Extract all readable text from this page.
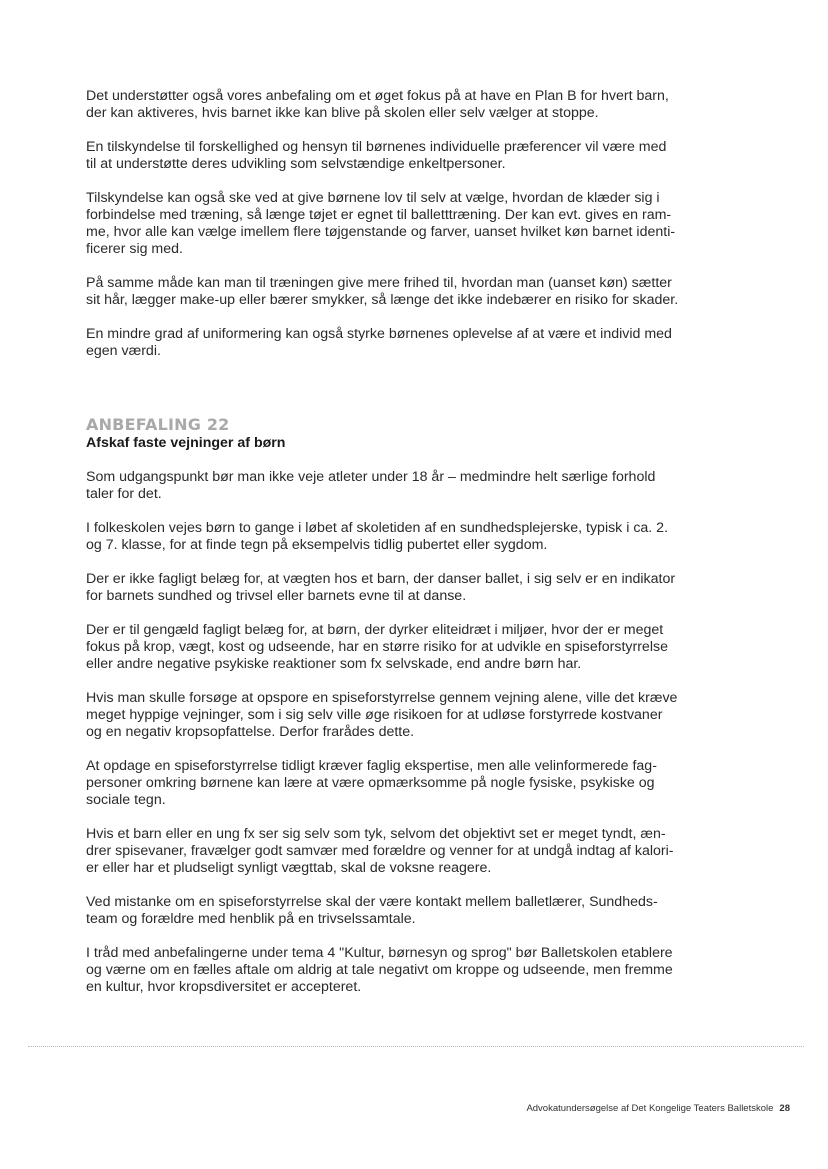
Det understøtter også vores anbefaling om et øget fokus på at have en Plan B for hvert barn,
der kan aktiveres, hvis barnet ikke kan blive på skolen eller selv vælger at stoppe.

En tilskyndelse til forskellighed og hensyn til børnenes individuelle præferencer vil være med
til at understøtte deres udvikling som selvstændige enkeltpersoner.

Tilskyndelse kan også ske ved at give børnene lov til selv at vælge, hvordan de klæder sig i
forbindelse med træning, så længe tøjet er egnet til balletttræning. Der kan evt. gives en ram-
me, hvor alle kan vælge imellem flere tøjgenstande og farver, uanset hvilket køn barnet identi-
ficerer sig med.

På samme måde kan man til træningen give mere frihed til, hvordan man (uanset køn) sætter
sit hår, lægger make-up eller bærer smykker, så længe det ikke indebærer en risiko for skader.

En mindre grad af uniformering kan også styrke børnenes oplevelse af at være et individ med
egen værdi.

ANBEFALING 22
Afskaf faste vejninger af børn

Som udgangspunkt bør man ikke veje atleter under 18 år – medmindre helt særlige forhold
taler for det.

I folkeskolen vejes børn to gange i løbet af skoletiden af en sundhedsplejerske, typisk i ca. 2.
og 7. klasse, for at finde tegn på eksempelvis tidlig pubertet eller sygdom.

Der er ikke fagligt belæg for, at vægten hos et barn, der danser ballet, i sig selv er en indikator
for barnets sundhed og trivsel eller barnets evne til at danse.

Der er til gengæld fagligt belæg for, at børn, der dyrker eliteidræt i miljøer, hvor der er meget
fokus på krop, vægt, kost og udseende, har en større risiko for at udvikle en spiseforstyrrelse
eller andre negative psykiske reaktioner som fx selvskade, end andre børn har.

Hvis man skulle forsøge at opspore en spiseforstyrrelse gennem vejning alene, ville det kræve
meget hyppige vejninger, som i sig selv ville øge risikoen for at udløse forstyrrede kostvaner
og en negativ kropsopfattelse. Derfor frarådes dette.

At opdage en spiseforstyrrelse tidligt kræver faglig ekspertise, men alle velinformerede fag-
personer omkring børnene kan lære at være opmærksomme på nogle fysiske, psykiske og
sociale tegn.

Hvis et barn eller en ung fx ser sig selv som tyk, selvom det objektivt set er meget tyndt, æn-
drer spisevaner, fravælger godt samvær med forældre og venner for at undgå indtag af kalori-
er eller har et pludseligt synligt vægttab, skal de voksne reagere.

Ved mistanke om en spiseforstyrrelse skal der være kontakt mellem balletlærer, Sundheds-
team og forældre med henblik på en trivselssamtale.

I tråd med anbefalingerne under tema 4 "Kultur, børnesyn og sprog" bør Balletskolen etablere
og værne om en fælles aftale om aldrig at tale negativt om kroppe og udseende, men fremme
en kultur, hvor kropsdiversitet er accepteret.

Advokatundersøgelse af Det Kongelige Teaters Balletskole 28
